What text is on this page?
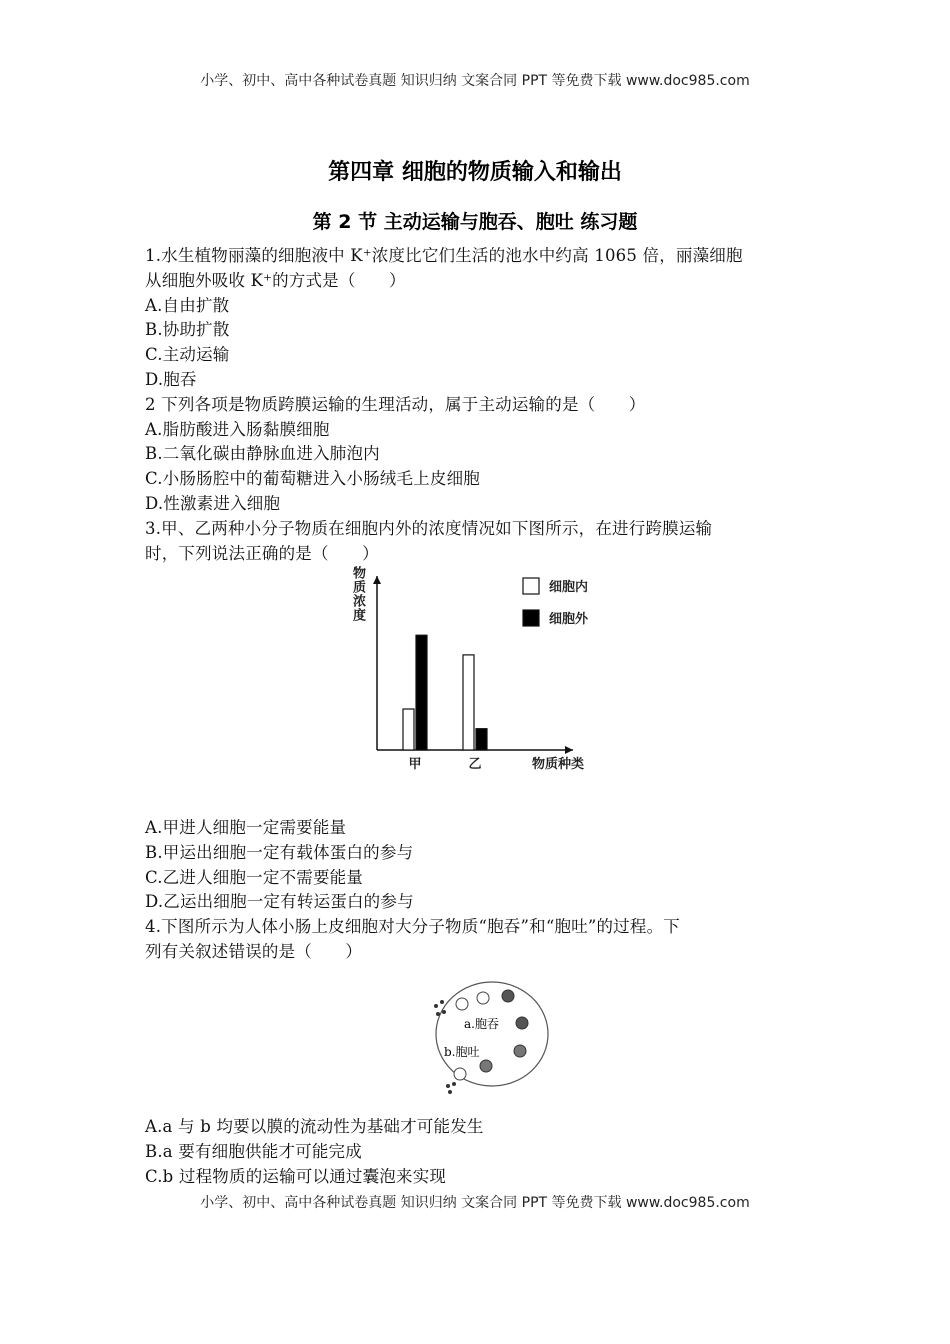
小学、初中、高中各种试卷真题 知识归纳 文案合同 PPT 等免费下载 www.doc985.com
第四章 细胞的物质输入和输出
第 2 节 主动运输与胞吞、胞吐 练习题
1.水生植物丽藻的细胞液中 K⁺浓度比它们生活的池水中约高 1065 倍，丽藻细胞
从细胞外吸收 K⁺的方式是（　　）
A.自由扩散
B.协助扩散
C.主动运输
D.胞吞
2 下列各项是物质跨膜运输的生理活动，属于主动运输的是（　　）
A.脂肪酸进入肠黏膜细胞
B.二氧化碳由静脉血进入肺泡内
C.小肠肠腔中的葡萄糖进入小肠绒毛上皮细胞
D.性激素进入细胞
3.甲、乙两种小分子物质在细胞内外的浓度情况如下图所示，在进行跨膜运输
时，下列说法正确的是（　　）
物质种类
甲	乙
细胞内
细胞外
物质浓度
A.甲进人细胞一定需要能量
B.甲运出细胞一定有载体蛋白的参与
C.乙进人细胞一定不需要能量
D.乙运出细胞一定有转运蛋白的参与
4.下图所示为人体小肠上皮细胞对大分子物质“胞吞”和“胞吐”的过程。下
列有关叙述错误的是（　　）
a.胞吞
b.胞吐
A.a 与 b 均要以膜的流动性为基础才可能发生
B.a 要有细胞供能才可能完成
C.b 过程物质的运输可以通过囊泡来实现
小学、初中、高中各种试卷真题 知识归纳 文案合同 PPT 等免费下载 www.doc985.com
